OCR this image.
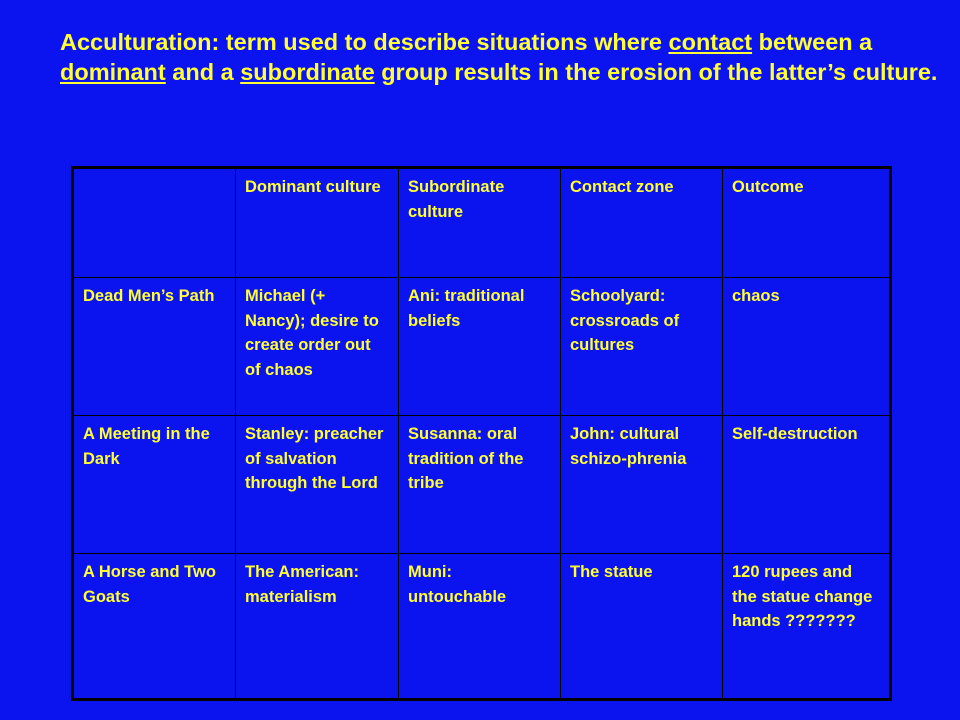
Acculturation: term used to describe situations where contact between a dominant and a subordinate group results in the erosion of the latter’s culture.

	Dominant culture	Subordinate culture	Contact zone	Outcome
Dead Men’s Path	Michael (+ Nancy); desire to create order out of chaos	Ani: traditional beliefs	Schoolyard: crossroads of cultures	chaos
A Meeting in the Dark	Stanley: preacher of salvation through the Lord	Susanna: oral tradition of the tribe	John: cultural schizo-phrenia	Self-destruction
A Horse and Two Goats	The American: materialism	Muni: untouchable	The statue	120 rupees and the statue change hands ???????
